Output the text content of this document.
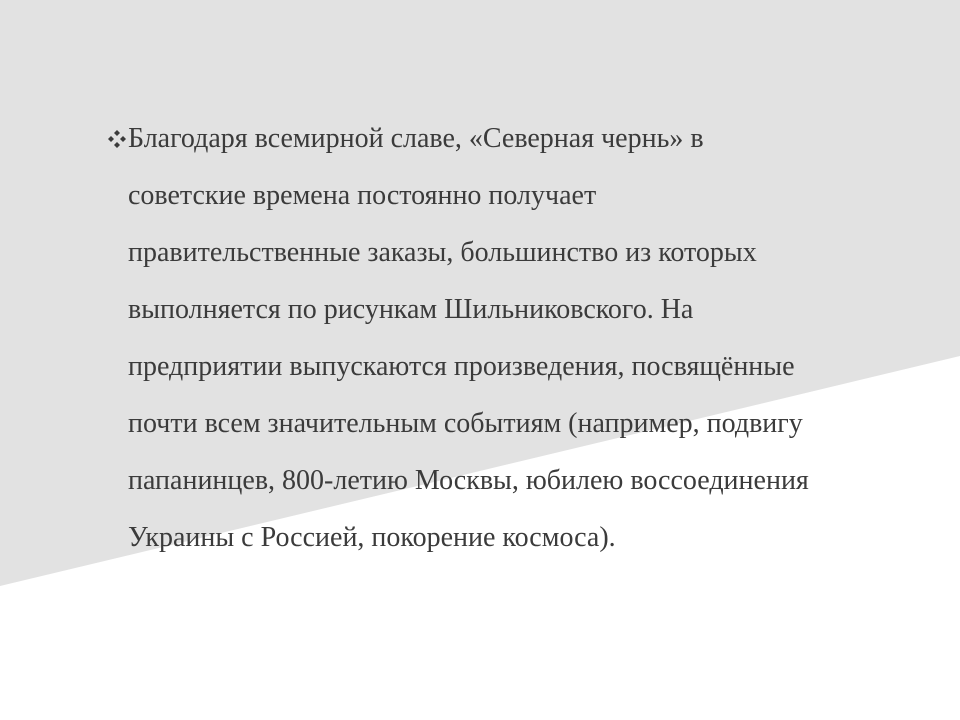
Благодаря всемирной славе, «Северная чернь» в
советские времена постоянно получает
правительственные заказы, большинство из которых
выполняется по рисункам Шильниковского. На
предприятии выпускаются произведения, посвящённые
почти всем значительным событиям (например, подвигу
папанинцев, 800-летию Москвы, юбилею воссоединения
Украины с Россией, покорение космоса).
